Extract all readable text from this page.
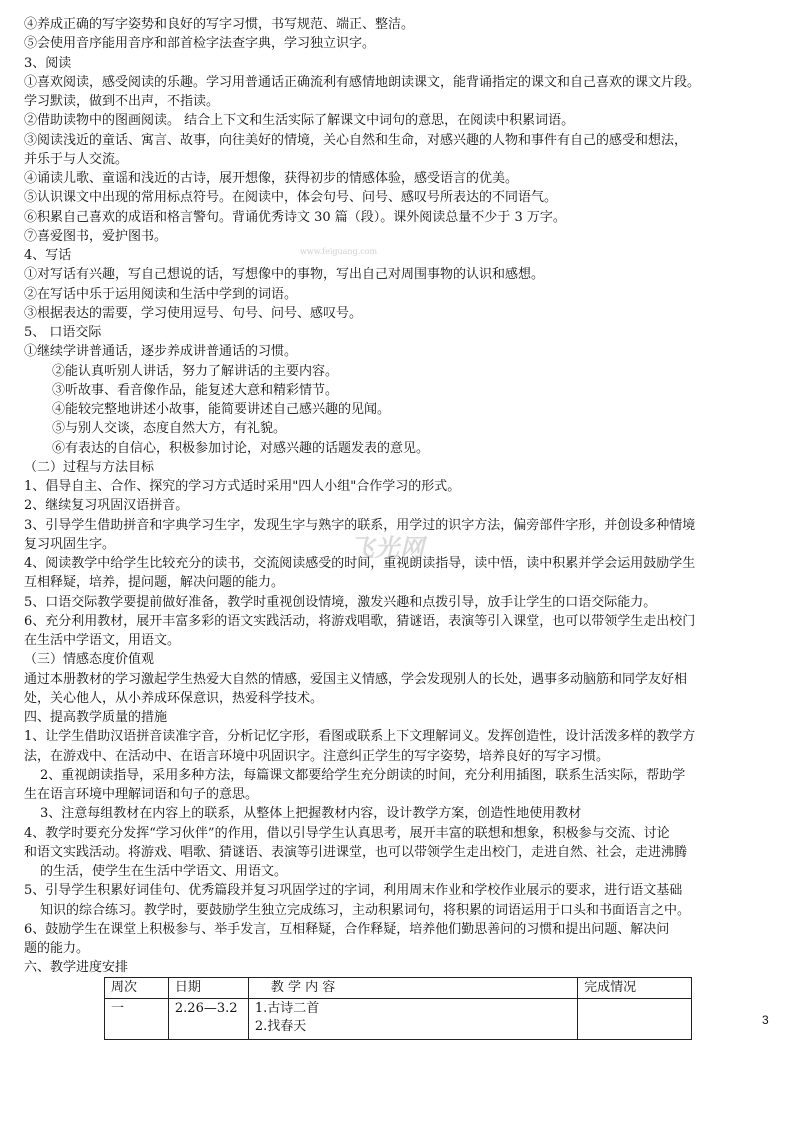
④养成正确的写字姿势和良好的写字习惯，书写规范、端正、整洁。
⑤会使用音序能用音序和部首检字法查字典，学习独立识字。
3、阅读
①喜欢阅读，感受阅读的乐趣。学习用普通话正确流利有感情地朗读课文，能背诵指定的课文和自己喜欢的课文片段。
学习默读，做到不出声，不指读。
②借助读物中的图画阅读。 结合上下文和生活实际了解课文中词句的意思，在阅读中积累词语。
③阅读浅近的童话、寓言、故事，向往美好的情境，关心自然和生命，对感兴趣的人物和事件有自己的感受和想法，
并乐于与人交流。
④诵读儿歌、童谣和浅近的古诗，展开想像，获得初步的情感体验，感受语言的优美。
⑤认识课文中出现的常用标点符号。在阅读中，体会句号、问号、感叹号所表达的不同语气。
⑥积累自己喜欢的成语和格言警句。背诵优秀诗文 30 篇（段）。课外阅读总量不少于 3 万字。
⑦喜爱图书，爱护图书。
4、写话
①对写话有兴趣，写自己想说的话，写想像中的事物，写出自己对周围事物的认识和感想。
②在写话中乐于运用阅读和生活中学到的词语。
③根据表达的需要，学习使用逗号、句号、问号、感叹号。
5、 口语交际
①继续学讲普通话，逐步养成讲普通话的习惯。
②能认真听别人讲话，努力了解讲话的主要内容。
③听故事、看音像作品，能复述大意和精彩情节。
④能较完整地讲述小故事，能简要讲述自己感兴趣的见闻。
⑤与别人交谈，态度自然大方，有礼貌。
⑥有表达的自信心，积极参加讨论，对感兴趣的话题发表的意见。
（二）过程与方法目标
1、倡导自主、合作、探究的学习方式适时采用"四人小组"合作学习的形式。
2、继续复习巩固汉语拼音。
3、引导学生借助拼音和字典学习生字，发现生字与熟字的联系，用学过的识字方法，偏旁部件字形，并创设多种情境
复习巩固生字。
4、阅读教学中给学生比较充分的读书，交流阅读感受的时间，重视朗读指导，读中悟，读中积累并学会运用鼓励学生
互相释疑，培养，提问题，解决问题的能力。
5、口语交际教学要提前做好准备，教学时重视创设情境，激发兴趣和点拨引导，放手让学生的口语交际能力。
6、充分利用教材，展开丰富多彩的语文实践活动，将游戏唱歌，猜谜语，表演等引入课堂，也可以带领学生走出校门
在生活中学语文，用语文。
（三）情感态度价值观
通过本册教材的学习激起学生热爱大自然的情感，爱国主义情感，学会发现别人的长处，遇事多动脑筋和同学友好相
处，关心他人，从小养成环保意识，热爱科学技术。
四、提高教学质量的措施
1、让学生借助汉语拼音读准字音，分析记忆字形，看图或联系上下文理解词义。发挥创造性，设计活泼多样的教学方
法，在游戏中、在活动中、在语言环境中巩固识字。注意纠正学生的写字姿势，培养良好的写字习惯。
2、重视朗读指导，采用多种方法，每篇课文都要给学生充分朗读的时间，充分利用插图，联系生活实际，帮助学
生在语言环境中理解词语和句子的意思。
3、注意每组教材在内容上的联系，从整体上把握教材内容，设计教学方案，创造性地使用教材
4、教学时要充分发挥“学习伙伴”的作用，借以引导学生认真思考，展开丰富的联想和想象，积极参与交流、讨论
和语文实践活动。将游戏、唱歌、猜谜语、表演等引进课堂，也可以带领学生走出校门，走进自然、社会，走进沸腾
的生活，使学生在生活中学语文、用语文。
5、引导学生积累好词佳句、优秀篇段并复习巩固学过的字词，利用周末作业和学校作业展示的要求，进行语文基础
知识的综合练习。教学时，要鼓励学生独立完成练习，主动积累词句，将积累的词语运用于口头和书面语言之中。
6、鼓励学生在课堂上积极参与、举手发言，互相释疑，合作释疑，培养他们勤思善问的习惯和提出问题、解决问
题的能力。
六、教学进度安排
www.feiguang.com
飞光网
周次	日期	教 学 内 容	完成情况
一	2.26—3.2	1.古诗二首
2.找春天	
		3
